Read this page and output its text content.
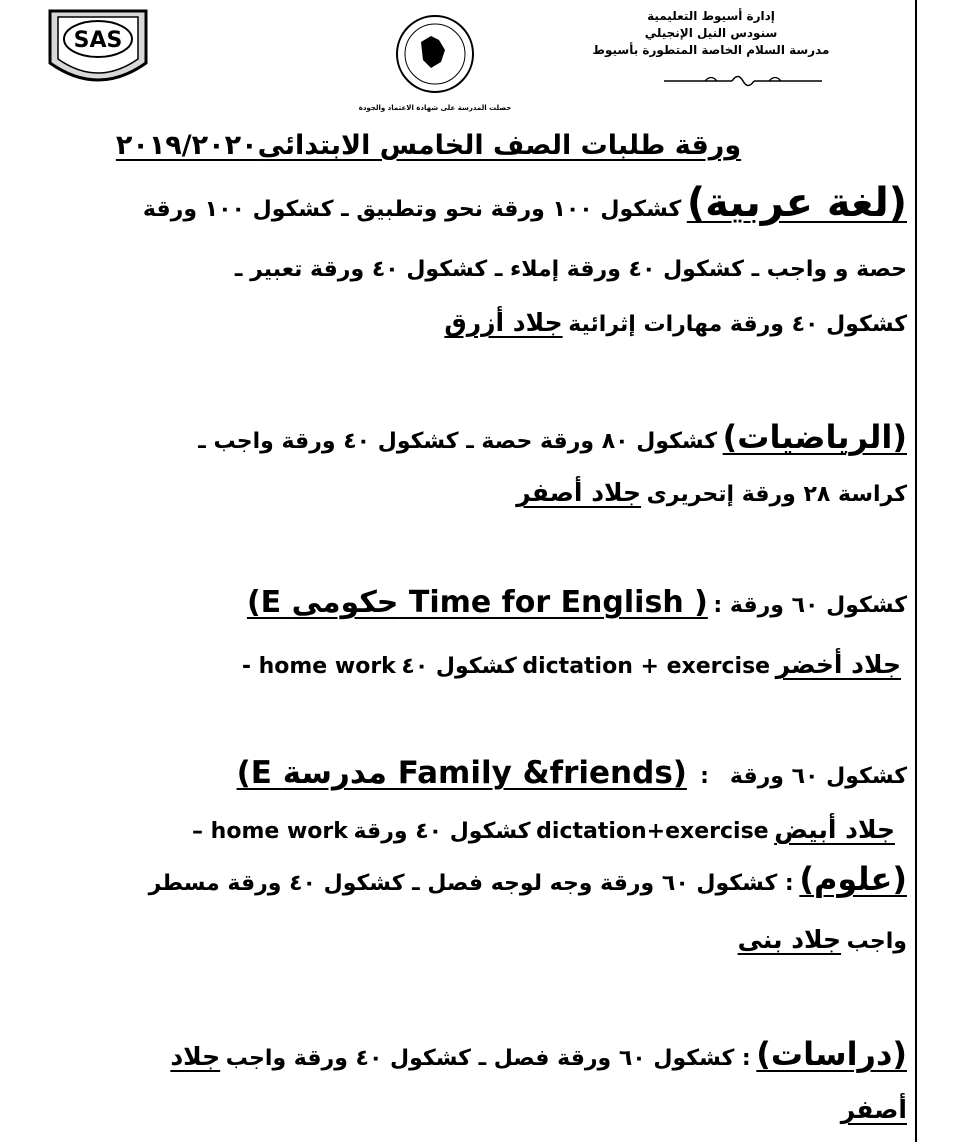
إدارة أسيوط التعليمية
سنودس النيل الإنجيلي
مدرسة السلام الخاصة المتطورة بأسيوط
حصلت المدرسة على شهادة الاعتماد والجودة
SAS
ورقة طلبات الصف الخامس الابتدائى٢٠١٩/٢٠٢٠
(لغة عربية) كشكول ١٠٠ ورقة نحو وتطبيق ـ كشكول ١٠٠ ورقة
حصة و واجب ـ كشكول ٤٠ ورقة إملاء ـ كشكول ٤٠ ورقة تعبير ـ
كشكول ٤٠ ورقة مهارات إثرائية جلاد أزرق
(الرياضيات) كشكول ٨٠ ورقة حصة ـ كشكول ٤٠ ورقة واجب ـ
كراسة ٢٨ ورقة إتحريرى جلاد أصفر
(E حكومى Time for English ) : كشكول ٦٠ ورقة
جلاد أخضر dictation + exercise كشكول ٤٠ home work -
(E مدرسة Family &friends)  :   كشكول ٦٠ ورقة
جلاد أبيض dictation+exercise كشكول ٤٠ ورقة home work –
(علوم) : كشكول ٦٠ ورقة وجه لوجه فصل ـ كشكول ٤٠ ورقة مسطر
واجب جلاد بنى
(دراسات) : كشكول ٦٠ ورقة فصل ـ كشكول ٤٠ ورقة واجب جلاد
أصفر
